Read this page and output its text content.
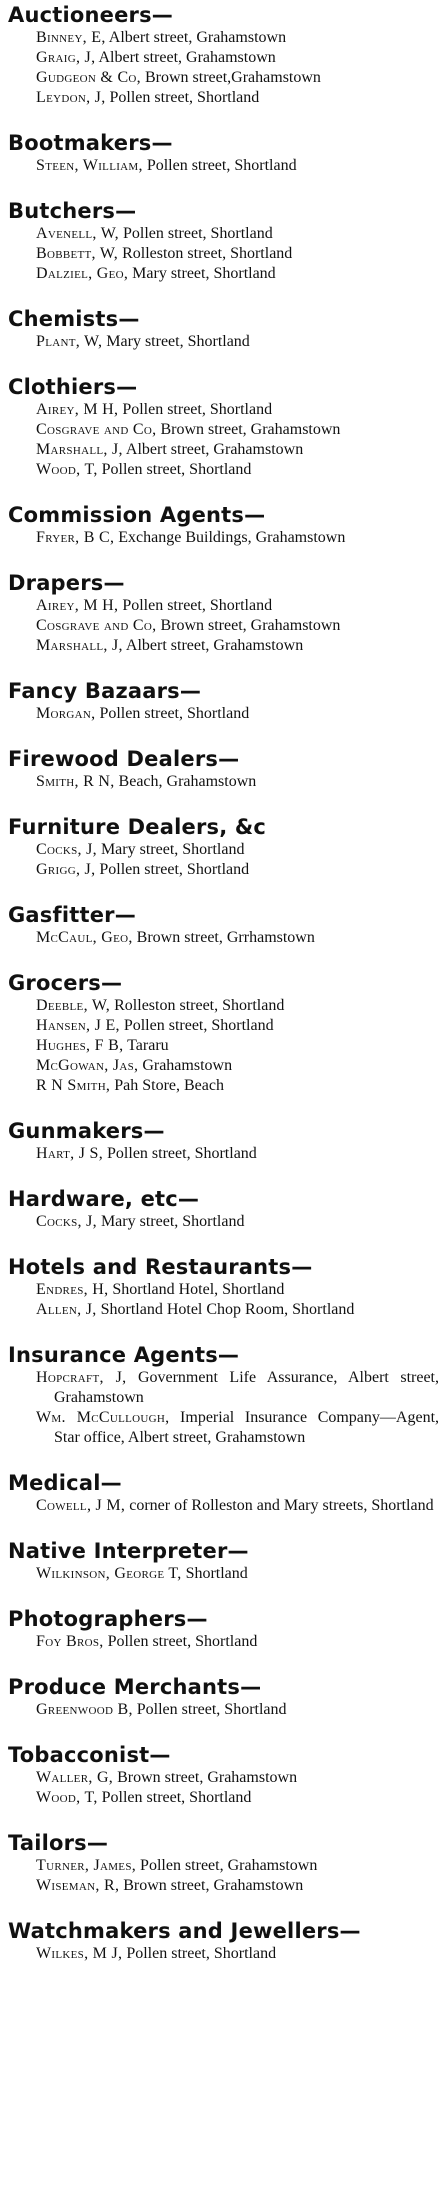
Auctioneers—
Binney, E, Albert street, Grahamstown
Graig, J, Albert street, Grahamstown
Gudgeon & Co, Brown street,Grahamstown
Leydon, J, Pollen street, Shortland
Bootmakers—
Steen, William, Pollen street, Shortland
Butchers—
Avenell, W, Pollen street, Shortland
Bobbett, W, Rolleston street, Shortland
Dalziel, Geo, Mary street, Shortland
Chemists—
Plant, W, Mary street, Shortland
Clothiers—
Airey, M H, Pollen street, Shortland
Cosgrave and Co, Brown street, Grahamstown
Marshall, J, Albert street, Grahamstown
Wood, T, Pollen street, Shortland
Commission Agents—
Fryer, B C, Exchange Buildings, Grahamstown
Drapers—
Airey, M H, Pollen street, Shortland
Cosgrave and Co, Brown street, Grahamstown
Marshall, J, Albert street, Grahamstown
Fancy Bazaars—
Morgan, Pollen street, Shortland
Firewood Dealers—
Smith, R N, Beach, Grahamstown
Furniture Dealers, &c
Cocks, J, Mary street, Shortland
Grigg, J, Pollen street, Shortland
Gasfitter—
McCaul, Geo, Brown street, Grrhamstown
Grocers—
Deeble, W, Rolleston street, Shortland
Hansen, J E, Pollen street, Shortland
Hughes, F B, Tararu
McGowan, Jas, Grahamstown
R N Smith, Pah Store, Beach
Gunmakers—
Hart, J S, Pollen street, Shortland
Hardware, etc—
Cocks, J, Mary street, Shortland
Hotels and Restaurants—
Endres, H, Shortland Hotel, Shortland
Allen, J, Shortland Hotel Chop Room, Shortland
Insurance Agents—
Hopcraft, J, Government Life Assurance, Albert street, Grahamstown
Wm. McCullough, Imperial Insurance Company—Agent, Star office, Albert street, Grahamstown
Medical—
Cowell, J M, corner of Rolleston and Mary streets, Shortland
Native Interpreter—
Wilkinson, George T, Shortland
Photographers—
Foy Bros, Pollen street, Shortland
Produce Merchants—
Greenwood B, Pollen street, Shortland
Tobacconist—
Waller, G, Brown street, Grahamstown
Wood, T, Pollen street, Shortland
Tailors—
Turner, James, Pollen street, Grahamstown
Wiseman, R, Brown street, Grahamstown
Watchmakers and Jewellers—
Wilkes, M J, Pollen street, Shortland
